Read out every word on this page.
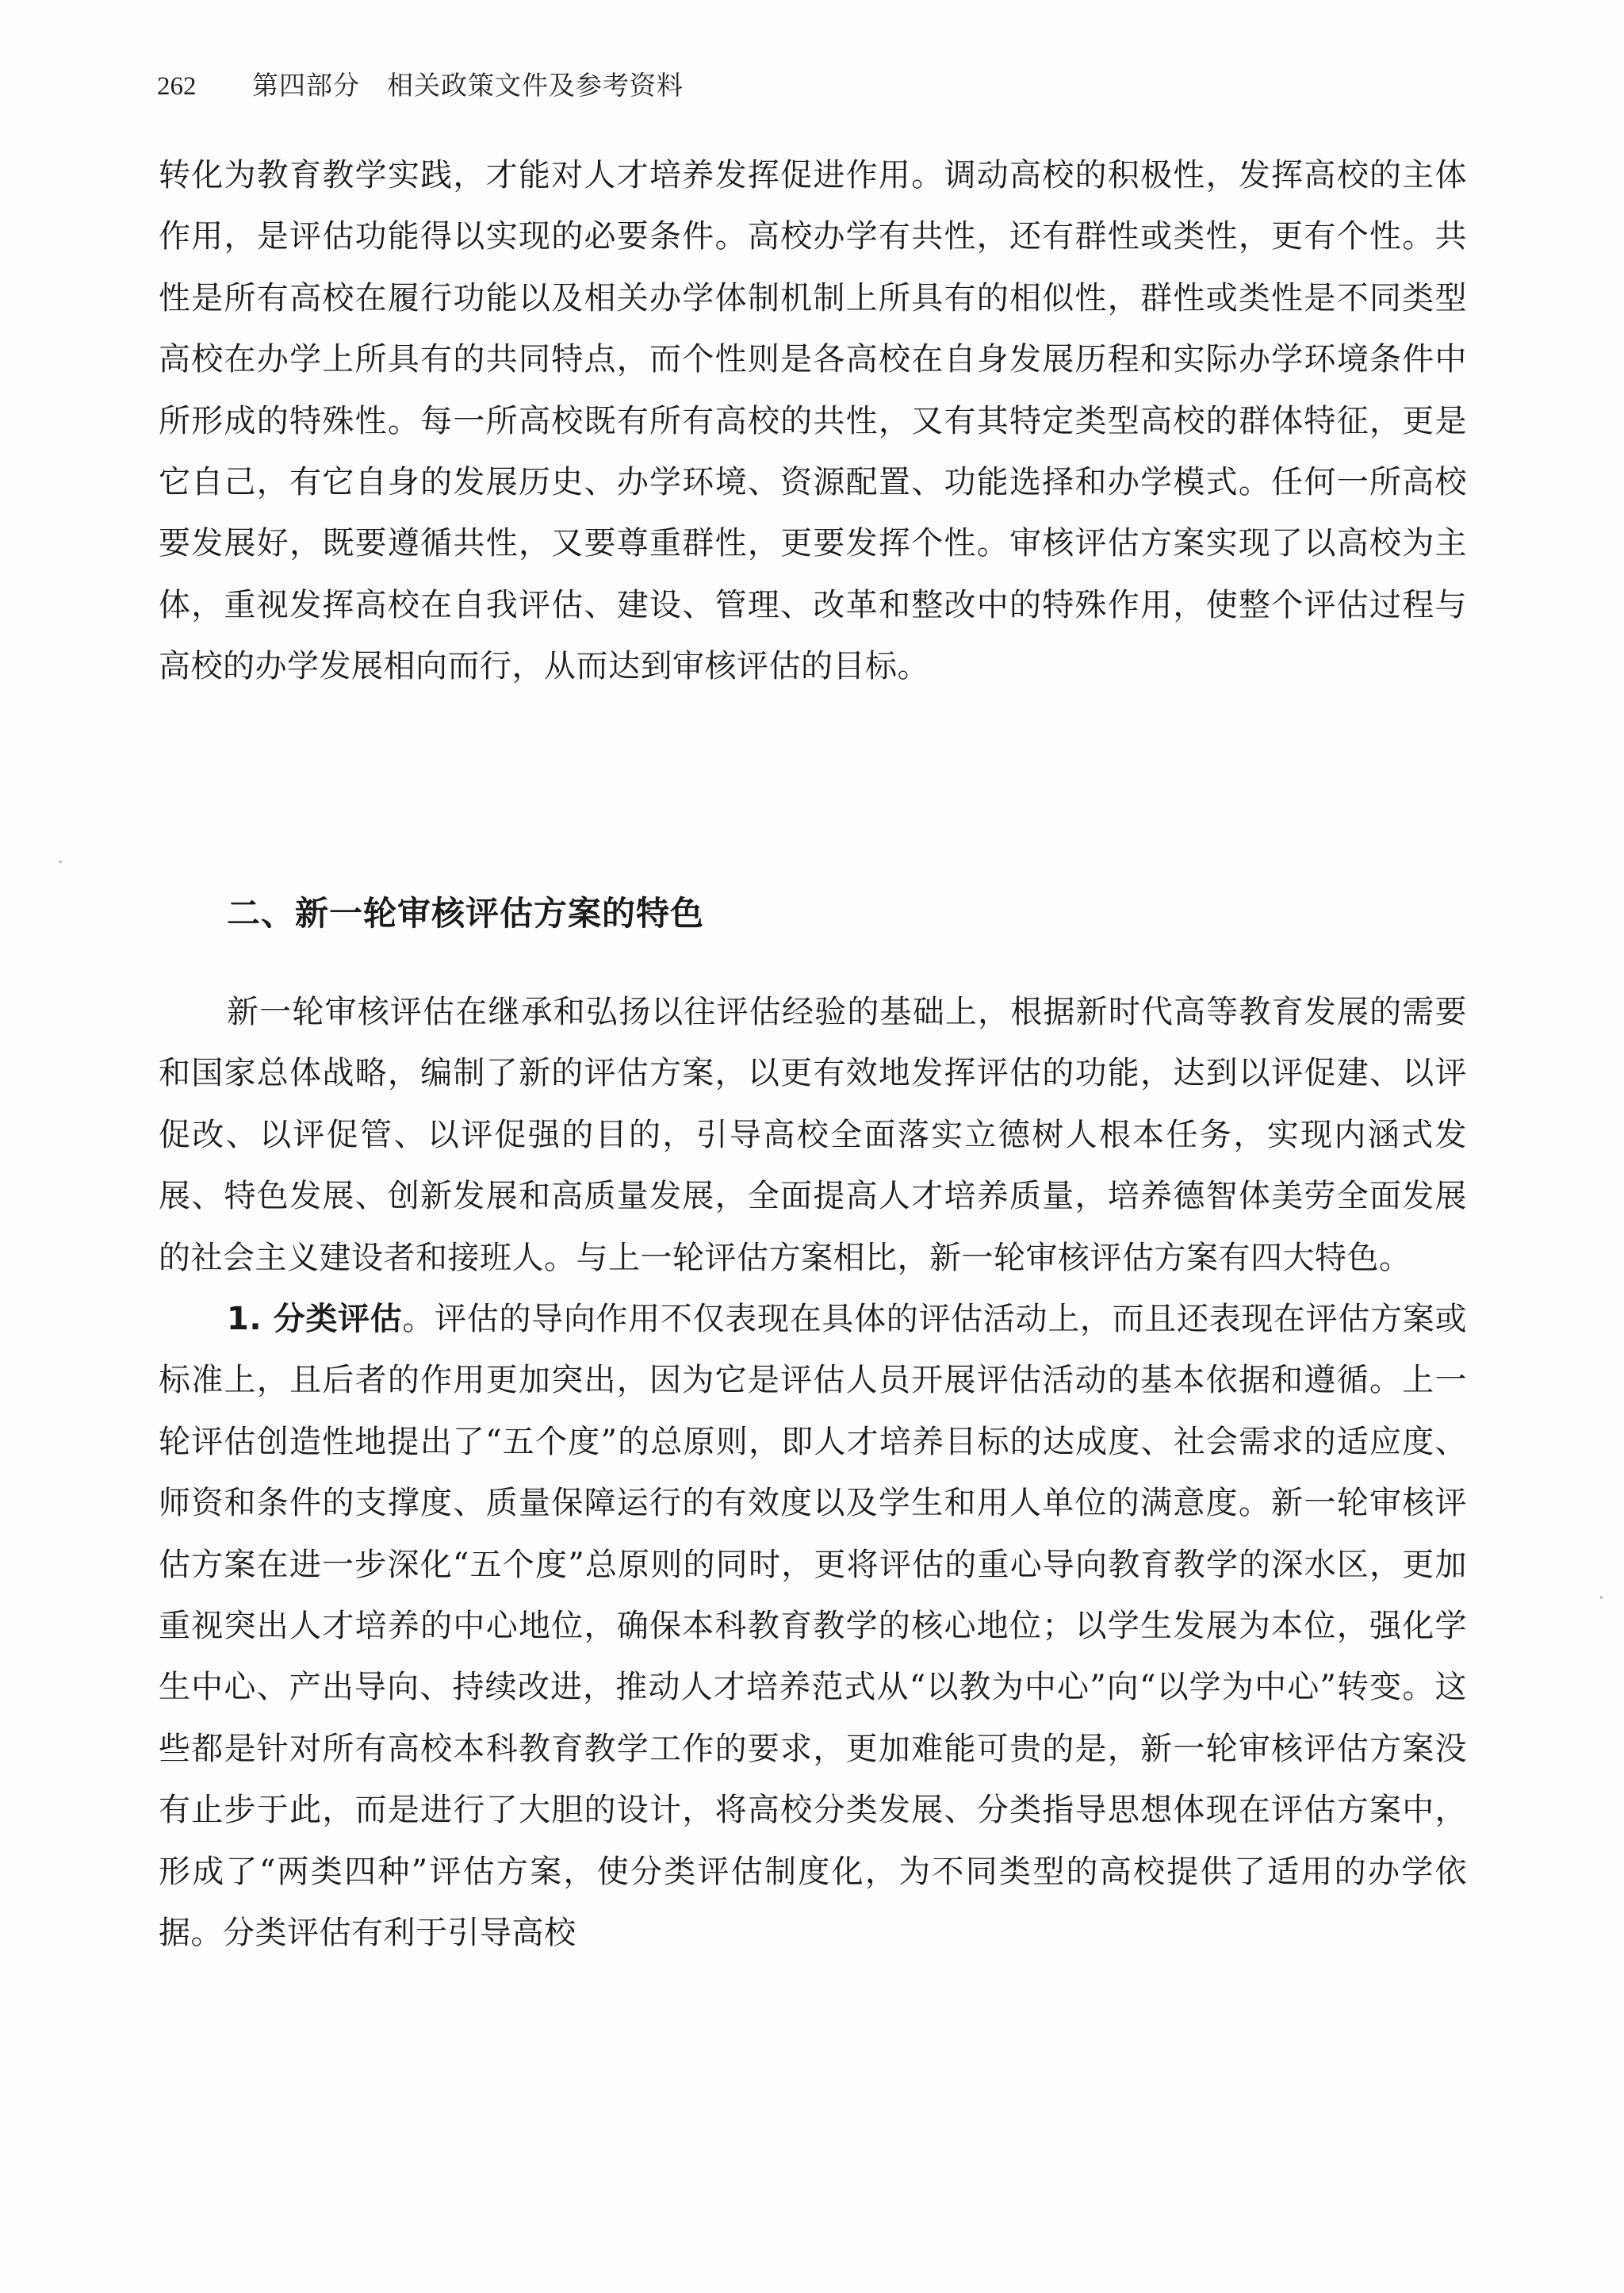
262 第四部分　相关政策文件及参考资料

转化为教育教学实践，才能对人才培养发挥促进作用。调动高校的积极性，发挥高校的主体作用，是评估功能得以实现的必要条件。高校办学有共性，还有群性或类性，更有个性。共性是所有高校在履行功能以及相关办学体制机制上所具有的相似性，群性或类性是不同类型高校在办学上所具有的共同特点，而个性则是各高校在自身发展历程和实际办学环境条件中所形成的特殊性。每一所高校既有所有高校的共性，又有其特定类型高校的群体特征，更是它自己，有它自身的发展历史、办学环境、资源配置、功能选择和办学模式。任何一所高校要发展好，既要遵循共性，又要尊重群性，更要发挥个性。审核评估方案实现了以高校为主体，重视发挥高校在自我评估、建设、管理、改革和整改中的特殊作用，使整个评估过程与高校的办学发展相向而行，从而达到审核评估的目标。

二、新一轮审核评估方案的特色

新一轮审核评估在继承和弘扬以往评估经验的基础上，根据新时代高等教育发展的需要和国家总体战略，编制了新的评估方案，以更有效地发挥评估的功能，达到以评促建、以评促改、以评促管、以评促强的目的，引导高校全面落实立德树人根本任务，实现内涵式发展、特色发展、创新发展和高质量发展，全面提高人才培养质量，培养德智体美劳全面发展的社会主义建设者和接班人。与上一轮评估方案相比，新一轮审核评估方案有四大特色。

1. 分类评估。评估的导向作用不仅表现在具体的评估活动上，而且还表现在评估方案或标准上，且后者的作用更加突出，因为它是评估人员开展评估活动的基本依据和遵循。上一轮评估创造性地提出了“五个度”的总原则，即人才培养目标的达成度、社会需求的适应度、师资和条件的支撑度、质量保障运行的有效度以及学生和用人单位的满意度。新一轮审核评估方案在进一步深化“五个度”总原则的同时，更将评估的重心导向教育教学的深水区，更加重视突出人才培养的中心地位，确保本科教育教学的核心地位；以学生发展为本位，强化学生中心、产出导向、持续改进，推动人才培养范式从“以教为中心”向“以学为中心”转变。这些都是针对所有高校本科教育教学工作的要求，更加难能可贵的是，新一轮审核评估方案没有止步于此，而是进行了大胆的设计，将高校分类发展、分类指导思想体现在评估方案中，形成了“两类四种”评估方案，使分类评估制度化，为不同类型的高校提供了适用的办学依据。分类评估有利于引导高校
